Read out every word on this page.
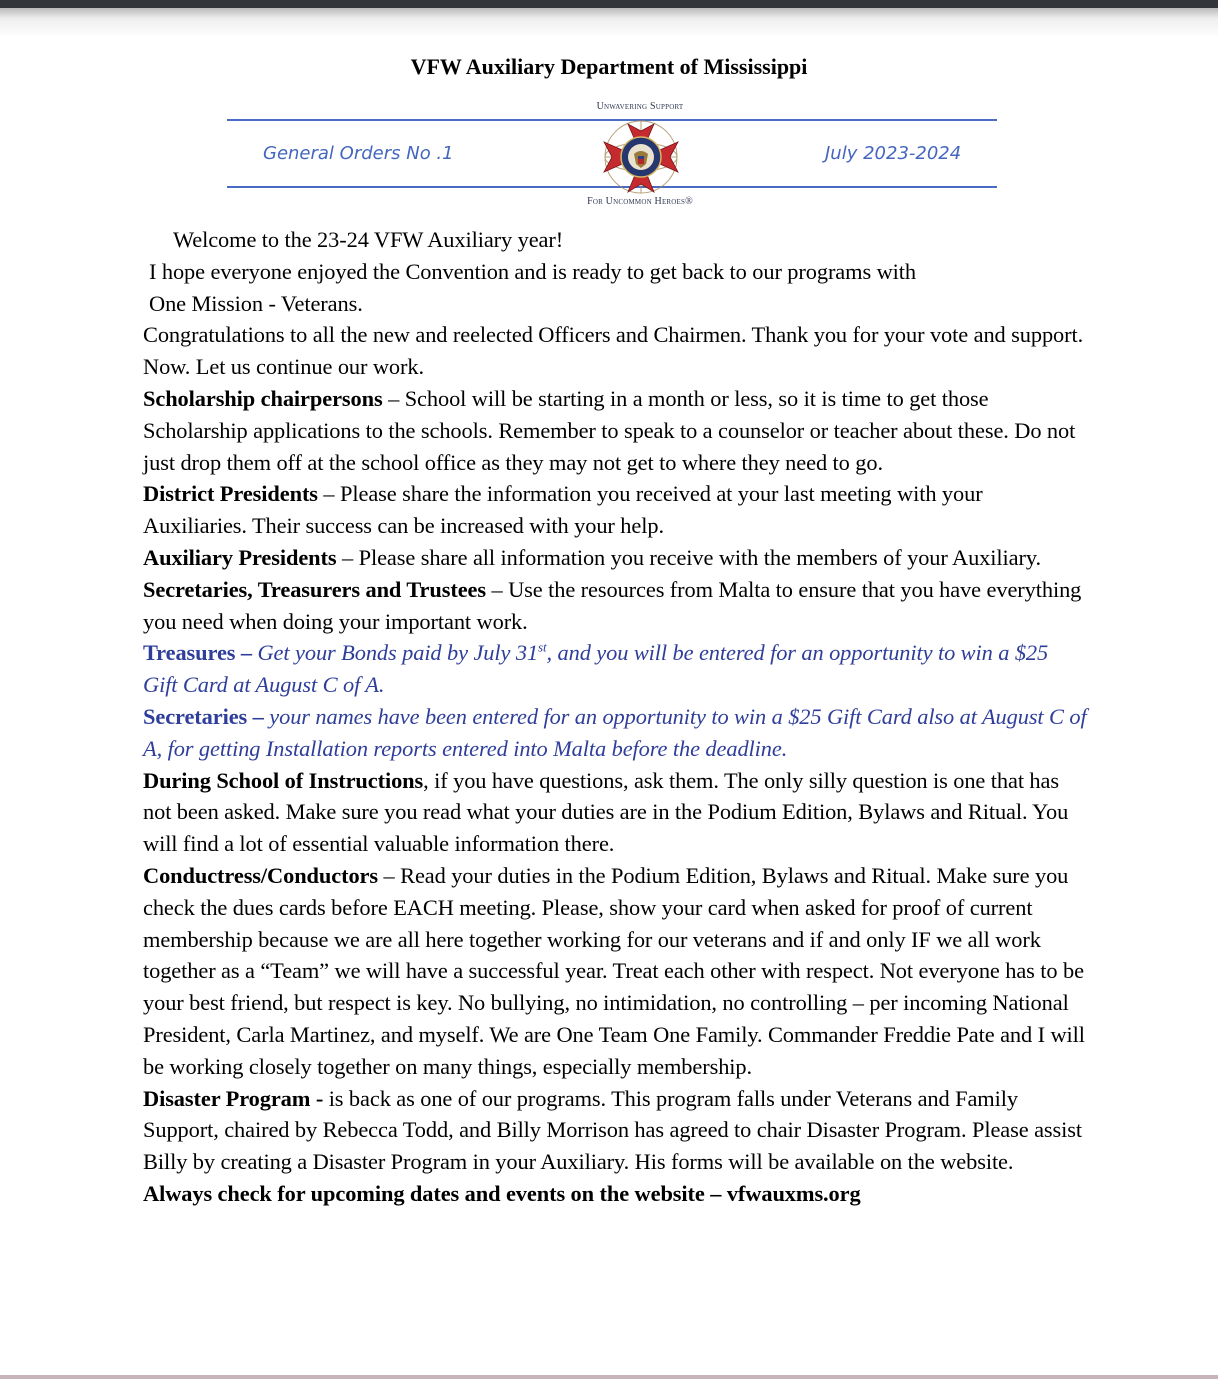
VFW Auxiliary Department of Mississippi
General Orders No .1	July 2023-2024
Unwavering Support
For Uncommon Heroes®

Welcome to the 23-24 VFW Auxiliary year!

I hope everyone enjoyed the Convention and is ready to get back to our programs with

One Mission - Veterans.

Congratulations to all the new and reelected Officers and Chairmen. Thank you for your vote and support. Now. Let us continue our work.

Scholarship chairpersons – School will be starting in a month or less, so it is time to get those Scholarship applications to the schools. Remember to speak to a counselor or teacher about these. Do not just drop them off at the school office as they may not get to where they need to go.

District Presidents – Please share the information you received at your last meeting with your Auxiliaries. Their success can be increased with your help.

Auxiliary Presidents – Please share all information you receive with the members of your Auxiliary.

Secretaries, Treasurers and Trustees – Use the resources from Malta to ensure that you have everything you need when doing your important work.

Treasures – Get your Bonds paid by July 31st, and you will be entered for an opportunity to win a $25 Gift Card at August C of A.

Secretaries – your names have been entered for an opportunity to win a $25 Gift Card also at August C of A, for getting Installation reports entered into Malta before the deadline.

During School of Instructions, if you have questions, ask them. The only silly question is one that has not been asked. Make sure you read what your duties are in the Podium Edition, Bylaws and Ritual. You will find a lot of essential valuable information there.

Conductress/Conductors – Read your duties in the Podium Edition, Bylaws and Ritual. Make sure you check the dues cards before EACH meeting. Please, show your card when asked for proof of current membership because we are all here together working for our veterans and if and only IF we all work together as a “Team” we will have a successful year. Treat each other with respect. Not everyone has to be your best friend, but respect is key. No bullying, no intimidation, no controlling – per incoming National President, Carla Martinez, and myself. We are One Team One Family. Commander Freddie Pate and I will be working closely together on many things, especially membership.

Disaster Program - is back as one of our programs. This program falls under Veterans and Family Support, chaired by Rebecca Todd, and Billy Morrison has agreed to chair Disaster Program. Please assist Billy by creating a Disaster Program in your Auxiliary. His forms will be available on the website.

Always check for upcoming dates and events on the website – vfwauxms.org
